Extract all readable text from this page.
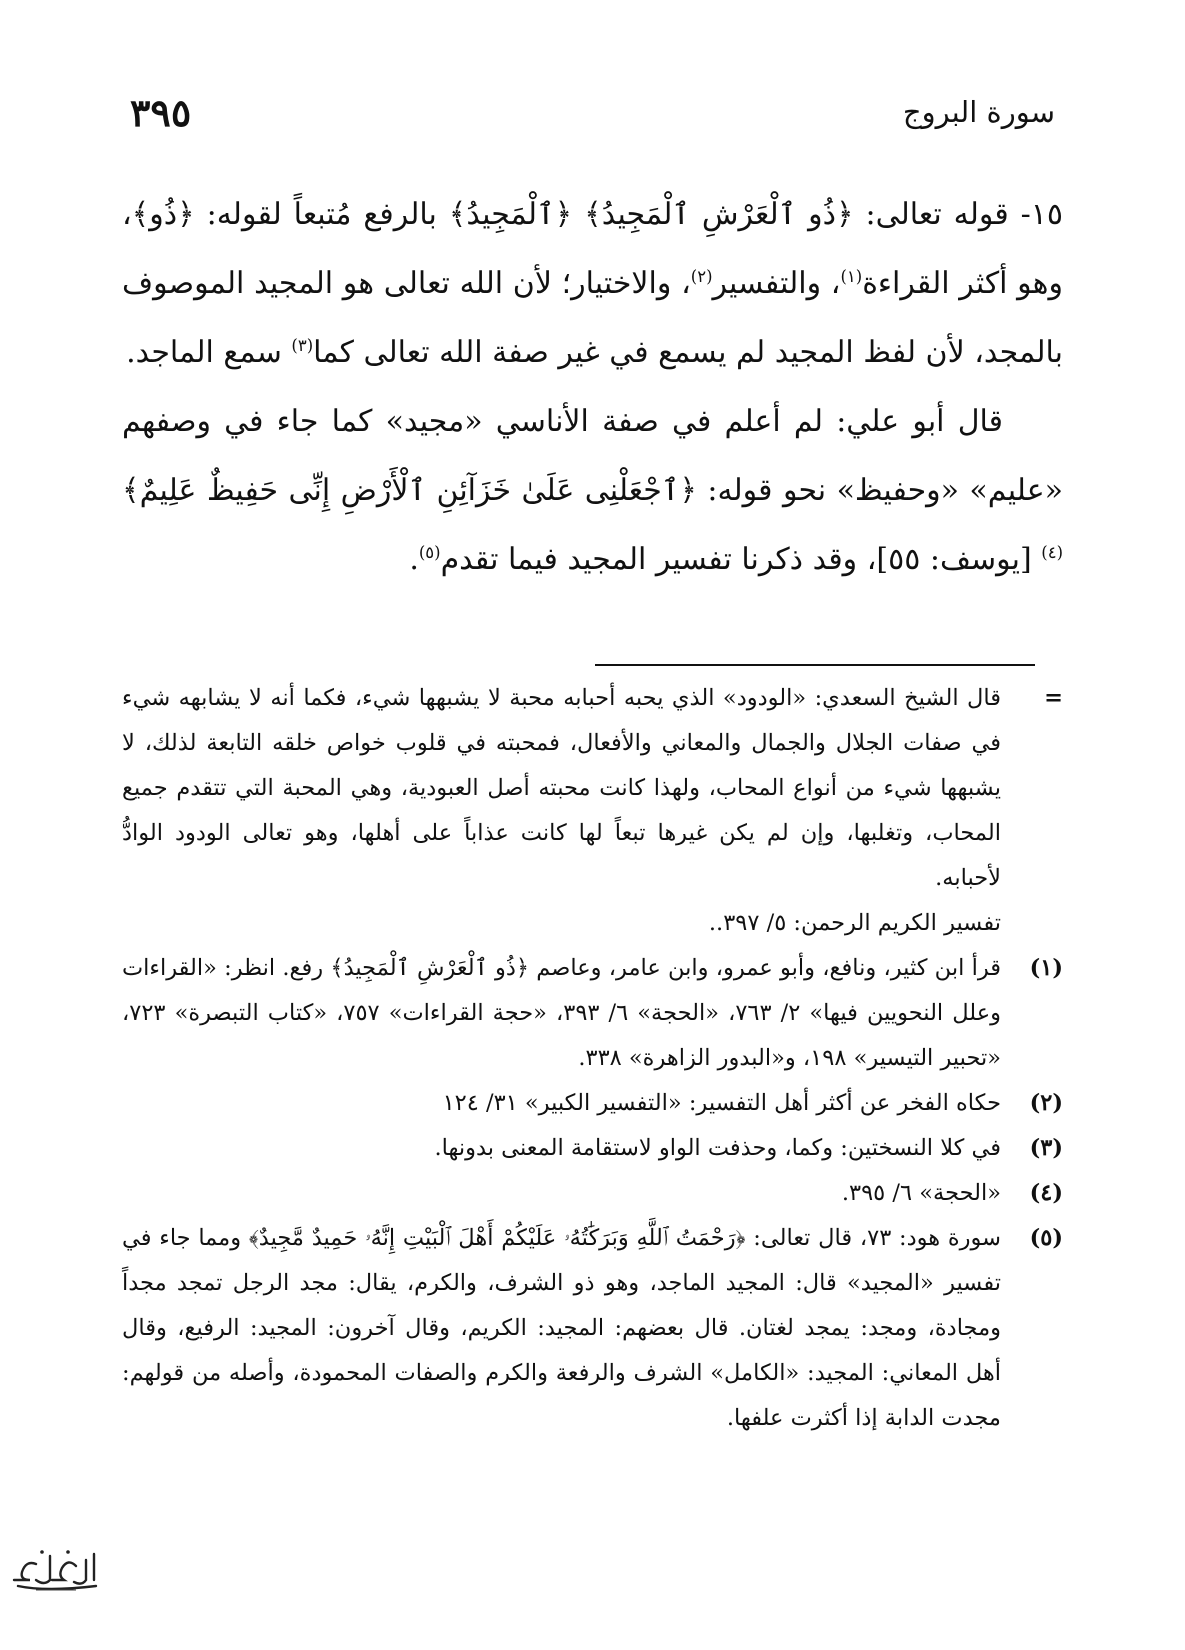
سورة البروج
٣٩٥

١٥- قوله تعالى: ﴿ذُو ٱلْعَرْشِ ٱلْمَجِيدُ﴾ ﴿ٱلْمَجِيدُ﴾ بالرفع مُتبعاً لقوله: ﴿ذُو﴾، وهو أكثر القراءة$^{(١)}$، والتفسير$^{(٢)}$، والاختيار؛ لأن الله تعالى هو المجيد الموصوف بالمجد، لأن لفظ المجيد لم يسمع في غير صفة الله تعالى كما$^{(٣)}$ سمع الماجد.

قال أبو علي: لم أعلم في صفة الأناسي «مجيد» كما جاء في وصفهم «عليم» «وحفيظ» نحو قوله: ﴿ٱجْعَلْنِى عَلَىٰ خَزَآئِنِ ٱلْأَرْضِ إِنِّى حَفِيظٌ عَلِيمٌ﴾$^{(٤)}$ [يوسف: ٥٥]، وقد ذكرنا تفسير المجيد فيما تقدم$^{(٥)}$.

=
قال الشيخ السعدي: «الودود» الذي يحبه أحبابه محبة لا يشبهها شيء، فكما أنه لا يشابهه شيء في صفات الجلال والجمال والمعاني والأفعال، فمحبته في قلوب خواص خلقه التابعة لذلك، لا يشبهها شيء من أنواع المحاب، ولهذا كانت محبته أصل العبودية، وهي المحبة التي تتقدم جميع المحاب، وتغلبها، وإن لم يكن غيرها تبعاً لها كانت عذاباً على أهلها، وهو تعالى الودود الوادُّ لأحبابه.

تفسير الكريم الرحمن: ٥/ ٣٩٧..

(١)
قرأ ابن كثير، ونافع، وأبو عمرو، وابن عامر، وعاصم ﴿ذُو ٱلْعَرْشِ ٱلْمَجِيدُ﴾ رفع. انظر: «القراءات وعلل النحويين فيها» ٢/ ٧٦٣، «الحجة» ٦/ ٣٩٣، «حجة القراءات» ٧٥٧، «كتاب التبصرة» ٧٢٣، «تحبير التيسير» ١٩٨، و«البدور الزاهرة» ٣٣٨.

(٢)
حكاه الفخر عن أكثر أهل التفسير: «التفسير الكبير» ٣١/ ١٢٤

(٣)
في كلا النسختين: وكما، وحذفت الواو لاستقامة المعنى بدونها.

(٤)
«الحجة» ٦/ ٣٩٥.

(٥)
سورة هود: ٧٣، قال تعالى: ﴿رَحْمَتُ ٱللَّهِ وَبَرَكَٰتُهُۥ عَلَيْكُمْ أَهْلَ ٱلْبَيْتِ إِنَّهُۥ حَمِيدٌ مَّجِيدٌ﴾ ومما جاء في تفسير «المجيد» قال: المجيد الماجد، وهو ذو الشرف، والكرم، يقال: مجد الرجل تمجد مجداً ومجادة، ومجد: يمجد لغتان. قال بعضهم: المجيد: الكريم، وقال آخرون: المجيد: الرفيع، وقال أهل المعاني: المجيد: «الكامل» الشرف والرفعة والكرم والصفات المحمودة، وأصله من قولهم: مجدت الدابة إذا أكثرت علفها.
